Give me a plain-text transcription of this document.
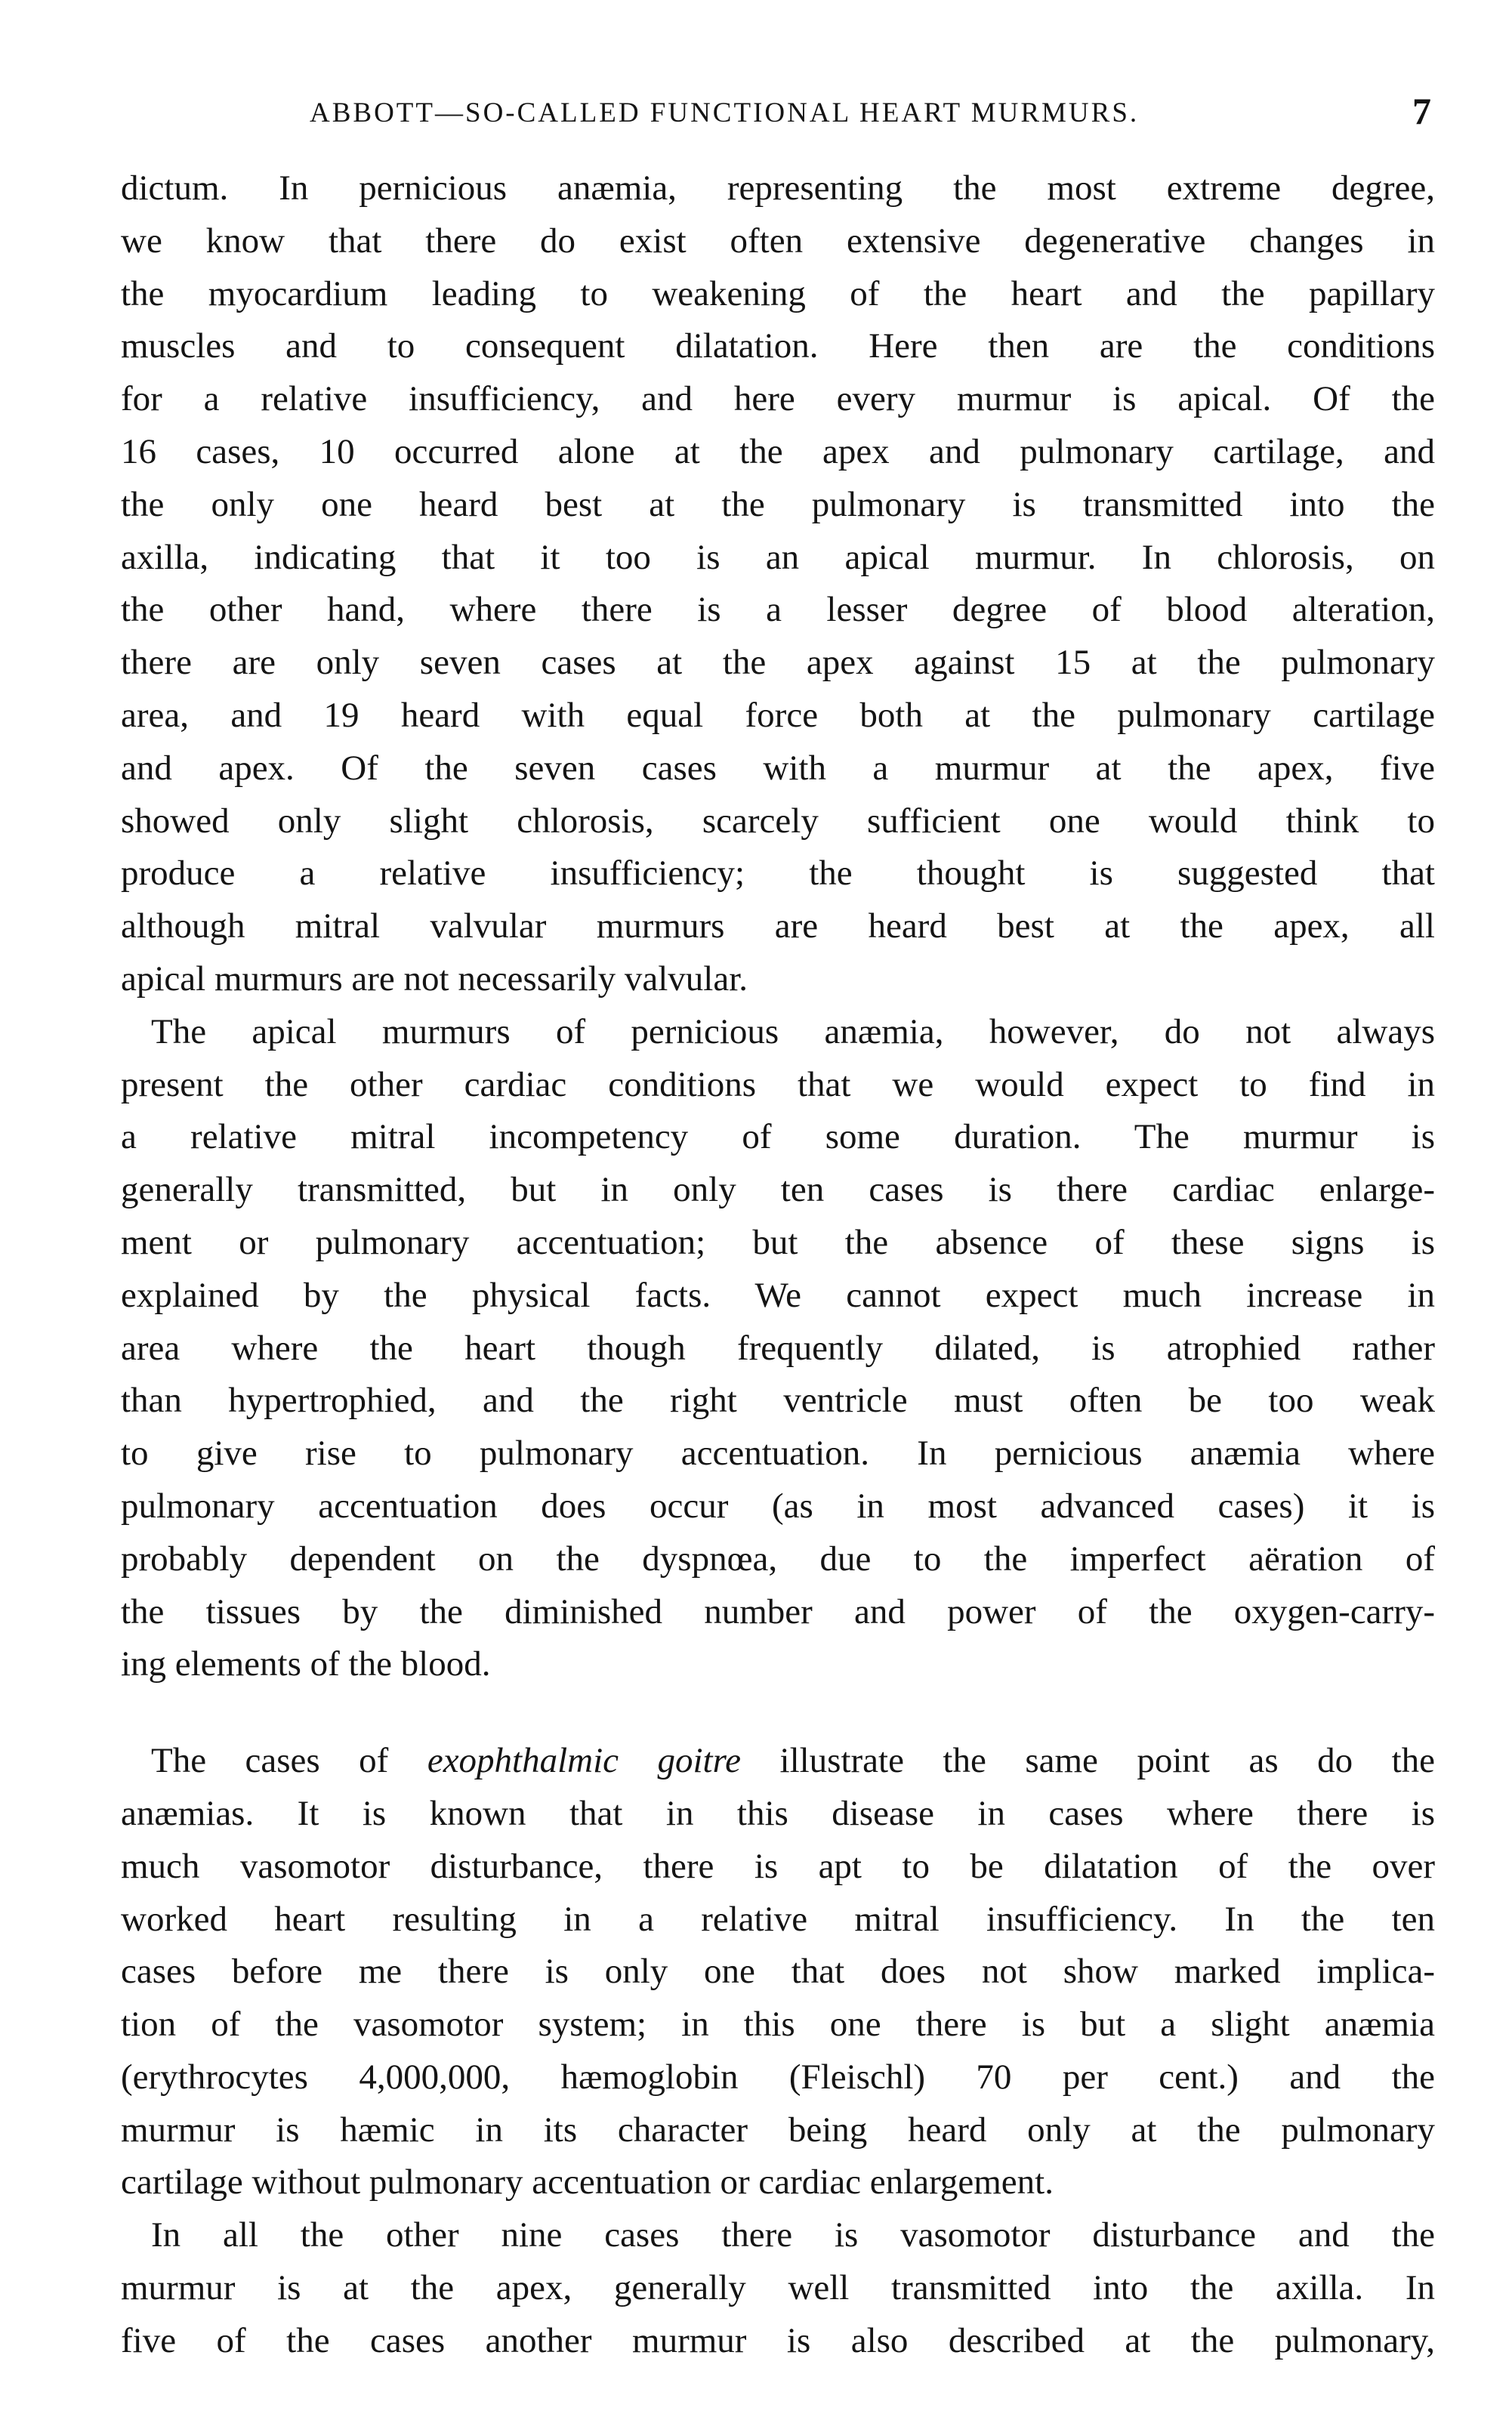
ABBOTT—SO-CALLED FUNCTIONAL HEART MURMURS.	7
dictum. In pernicious anæmia, representing the most extreme degree,
we know that there do exist often extensive degenerative changes in
the myocardium leading to weakening of the heart and the papillary
muscles and to consequent dilatation. Here then are the conditions
for a relative insufficiency, and here every murmur is apical. Of the
16 cases, 10 occurred alone at the apex and pulmonary cartilage, and
the only one heard best at the pulmonary is transmitted into the
axilla, indicating that it too is an apical murmur. In chlorosis, on
the other hand, where there is a lesser degree of blood alteration,
there are only seven cases at the apex against 15 at the pulmonary
area, and 19 heard with equal force both at the pulmonary cartilage
and apex. Of the seven cases with a murmur at the apex, five
showed only slight chlorosis, scarcely sufficient one would think to
produce a relative insufficiency; the thought is suggested that
although mitral valvular murmurs are heard best at the apex, all
apical murmurs are not necessarily valvular.
The apical murmurs of pernicious anæmia, however, do not always
present the other cardiac conditions that we would expect to find in
a relative mitral incompetency of some duration. The murmur is
generally transmitted, but in only ten cases is there cardiac enlarge-
ment or pulmonary accentuation; but the absence of these signs is
explained by the physical facts. We cannot expect much increase in
area where the heart though frequently dilated, is atrophied rather
than hypertrophied, and the right ventricle must often be too weak
to give rise to pulmonary accentuation. In pernicious anæmia where
pulmonary accentuation does occur (as in most advanced cases) it is
probably dependent on the dyspnœa, due to the imperfect aëration of
the tissues by the diminished number and power of the oxygen-carry-
ing elements of the blood.
The cases of exophthalmic goitre illustrate the same point as do the
anæmias. It is known that in this disease in cases where there is
much vasomotor disturbance, there is apt to be dilatation of the over
worked heart resulting in a relative mitral insufficiency. In the ten
cases before me there is only one that does not show marked implica-
tion of the vasomotor system; in this one there is but a slight anæmia
(erythrocytes 4,000,000, hæmoglobin (Fleischl) 70 per cent.) and the
murmur is hæmic in its character being heard only at the pulmonary
cartilage without pulmonary accentuation or cardiac enlargement.
In all the other nine cases there is vasomotor disturbance and the
murmur is at the apex, generally well transmitted into the axilla. In
five of the cases another murmur is also described at the pulmonary,
